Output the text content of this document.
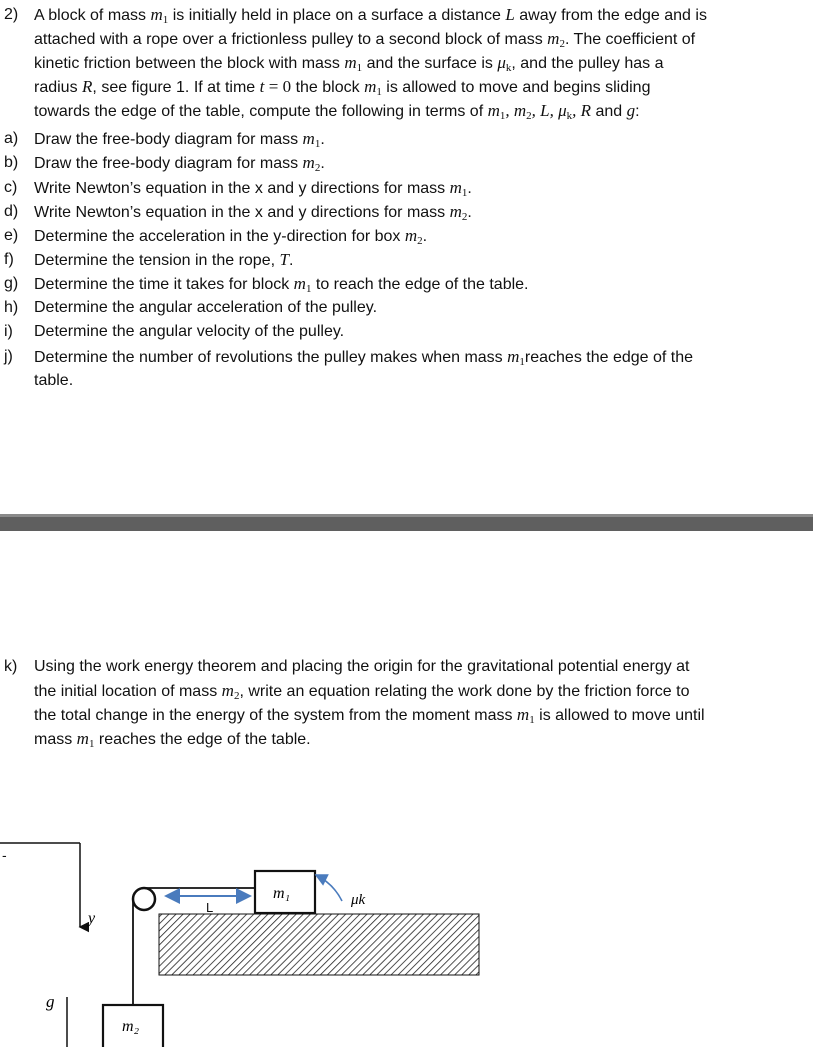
2) A block of mass $m_1$ is initially held in place on a surface a distance L away from the edge and is
attached with a rope over a frictionless pulley to a second block of mass $m_2$. The coefficient of
kinetic friction between the block with mass $m_1$ and the surface is $\mu_k$, and the pulley has a
radius R, see figure 1. If at time t = 0 the block $m_1$ is allowed to move and begins sliding
towards the edge of the table, compute the following in terms of $m_1$, $m_2$, L, $\mu_k$, R and g:
a) Draw the free-body diagram for mass $m_1$.
b) Draw the free-body diagram for mass $m_2$.
c)	Write Newton’s equation in the x and y directions for mass $m_1$.
d) Write Newton’s equation in the x and y directions for mass $m_2$.
e) Determine the acceleration in the y-direction for box $m_2$.
f)	Determine the tension in the rope, T.
g) Determine the time it takes for block $m_1$ to reach the edge of the table.
h) Determine the angular acceleration of the pulley.
i)	Determine the angular velocity of the pulley.
j)	Determine the number of revolutions the pulley makes when mass $m_1reaches$ the edge of the
table.
k)	Using the work energy theorem and placing the origin for the gravitational potential energy at
the initial location of mass $m_2$, write an equation relating the work done by the friction force to
the total change in the energy of the system from the moment mass $m_1$ is allowed to move until
mass $m_1$ reaches the edge of the table.
-
y
g
L
m₁	μk
m₂
